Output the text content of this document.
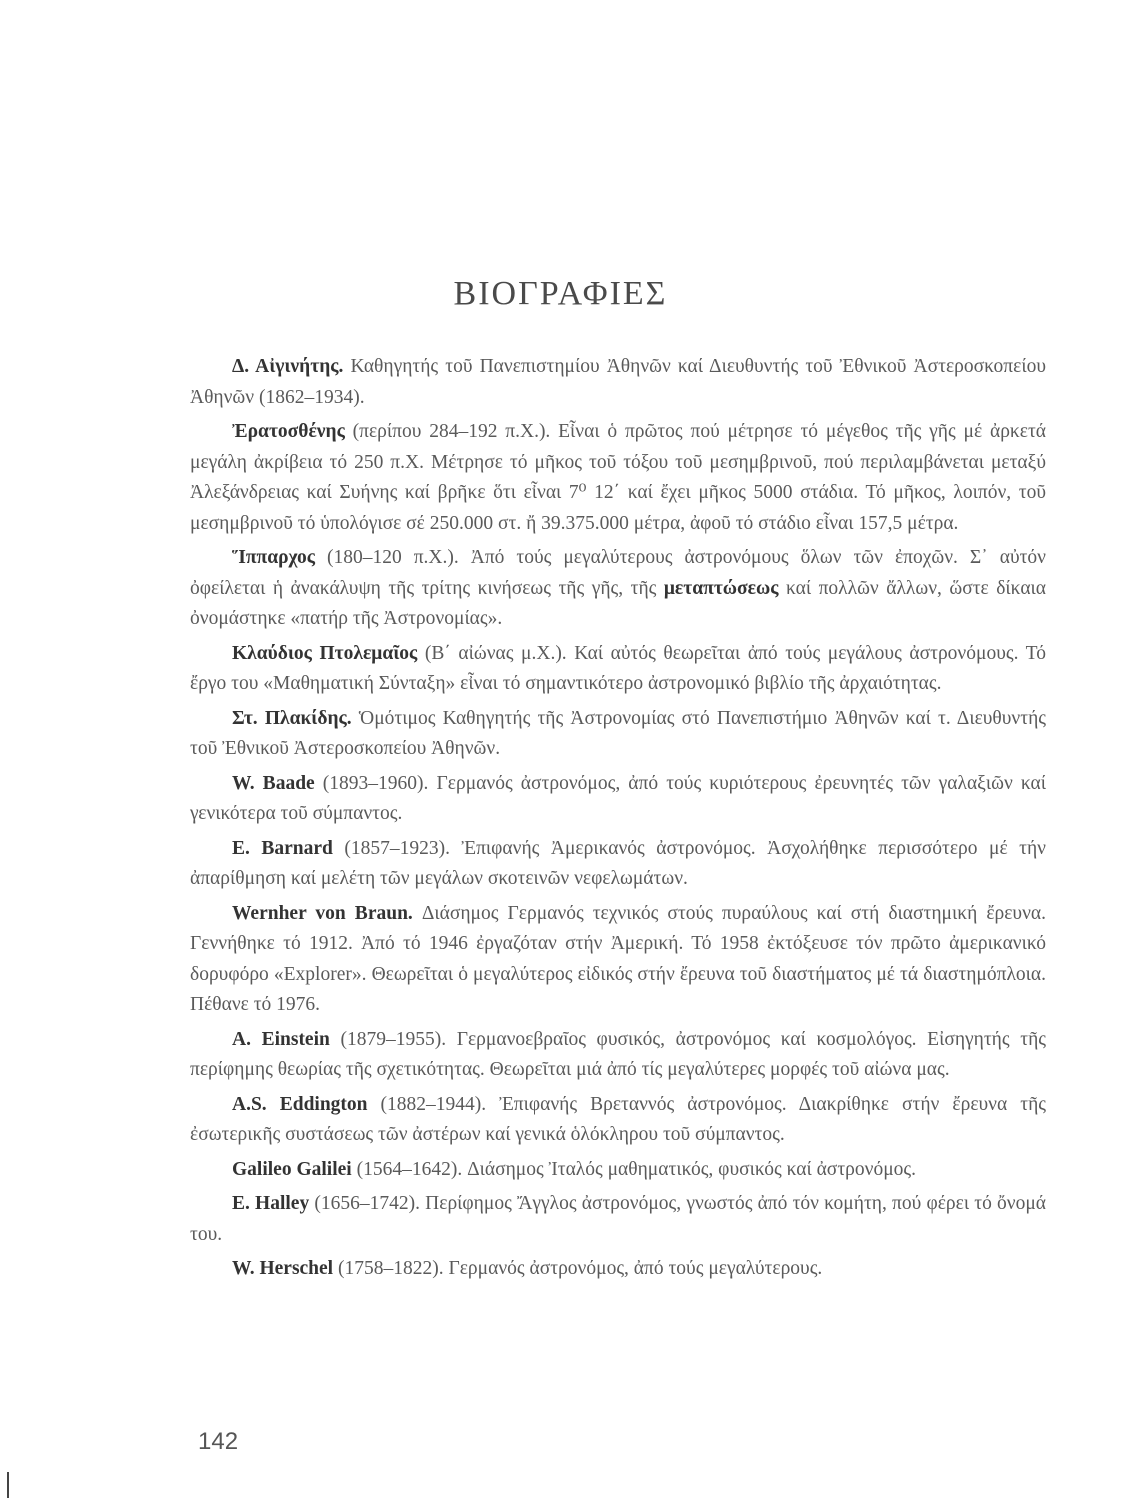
ΒΙΟΓΡΑΦΙΕΣ

Δ. Αἰγινήτης. Καθηγητής τοῦ Πανεπιστημίου Ἀθηνῶν καί Διευθυντής τοῦ Ἐθνικοῦ Ἀστεροσκοπείου Ἀθηνῶν (1862–1934).

Ἐρατοσθένης (περίπου 284–192 π.Χ.). Εἶναι ὁ πρῶτος πού μέτρησε τό μέγεθος τῆς γῆς μέ ἀρκετά μεγάλη ἀκρίβεια τό 250 π.Χ. Μέτρησε τό μῆκος τοῦ τόξου τοῦ μεσημβρινοῦ, πού περιλαμβάνεται μεταξύ Ἀλεξάνδρειας καί Συήνης καί βρῆκε ὅτι εἶναι 7⁰ 12΄ καί ἔχει μῆκος 5000 στάδια. Τό μῆκος, λοιπόν, τοῦ μεσημβρινοῦ τό ὑπολόγισε σέ 250.000 στ. ἤ 39.375.000 μέτρα, ἀφοῦ τό στάδιο εἶναι 157,5 μέτρα.

Ἵππαρχος (180–120 π.Χ.). Ἀπό τούς μεγαλύτερους ἀστρονόμους ὅλων τῶν ἐποχῶν. Σ᾿ αὐτόν ὀφείλεται ἡ ἀνακάλυψη τῆς τρίτης κινήσεως τῆς γῆς, τῆς μεταπτώσεως καί πολλῶν ἄλλων, ὥστε δίκαια ὀνομάστηκε «πατήρ τῆς Ἀστρονομίας».

Κλαύδιος Πτολεμαῖος (Β΄ αἰώνας μ.Χ.). Καί αὐτός θεωρεῖται ἀπό τούς μεγάλους ἀστρονόμους. Τό ἔργο του «Μαθηματική Σύνταξη» εἶναι τό σημαντικότερο ἀστρονομικό βιβλίο τῆς ἀρχαιότητας.

Στ. Πλακίδης. Ὁμότιμος Καθηγητής τῆς Ἀστρονομίας στό Πανεπιστήμιο Ἀθηνῶν καί τ. Διευθυντής τοῦ Ἐθνικοῦ Ἀστεροσκοπείου Ἀθηνῶν.

W. Baade (1893–1960). Γερμανός ἀστρονόμος, ἀπό τούς κυριότερους ἐρευνητές τῶν γαλαξιῶν καί γενικότερα τοῦ σύμπαντος.

E. Barnard (1857–1923). Ἐπιφανής Ἀμερικανός ἀστρονόμος. Ἀσχολήθηκε περισσότερο μέ τήν ἀπαρίθμηση καί μελέτη τῶν μεγάλων σκοτεινῶν νεφελωμάτων.

Wernher von Braun. Διάσημος Γερμανός τεχνικός στούς πυραύλους καί στή διαστημική ἔρευνα. Γεννήθηκε τό 1912. Ἀπό τό 1946 ἐργαζόταν στήν Ἀμερική. Τό 1958 ἐκτόξευσε τόν πρῶτο ἀμερικανικό δορυφόρο «Explorer». Θεωρεῖται ὁ μεγαλύτερος εἰδικός στήν ἔρευνα τοῦ διαστήματος μέ τά διαστημόπλοια. Πέθανε τό 1976.

A. Einstein (1879–1955). Γερμανοεβραῖος φυσικός, ἀστρονόμος καί κοσμολόγος. Εἰσηγητής τῆς περίφημης θεωρίας τῆς σχετικότητας. Θεωρεῖται μιά ἀπό τίς μεγαλύτερες μορφές τοῦ αἰώνα μας.

A.S. Eddington (1882–1944). Ἐπιφανής Βρεταννός ἀστρονόμος. Διακρίθηκε στήν ἔρευνα τῆς ἐσωτερικῆς συστάσεως τῶν ἀστέρων καί γενικά ὁλόκληρου τοῦ σύμπαντος.

Galileo Galilei (1564–1642). Διάσημος Ἰταλός μαθηματικός, φυσικός καί ἀστρονόμος.

E. Halley (1656–1742). Περίφημος Ἄγγλος ἀστρονόμος, γνωστός ἀπό τόν κομήτη, πού φέρει τό ὄνομά του.

W. Herschel (1758–1822). Γερμανός ἀστρονόμος, ἀπό τούς μεγαλύτερους.

142
